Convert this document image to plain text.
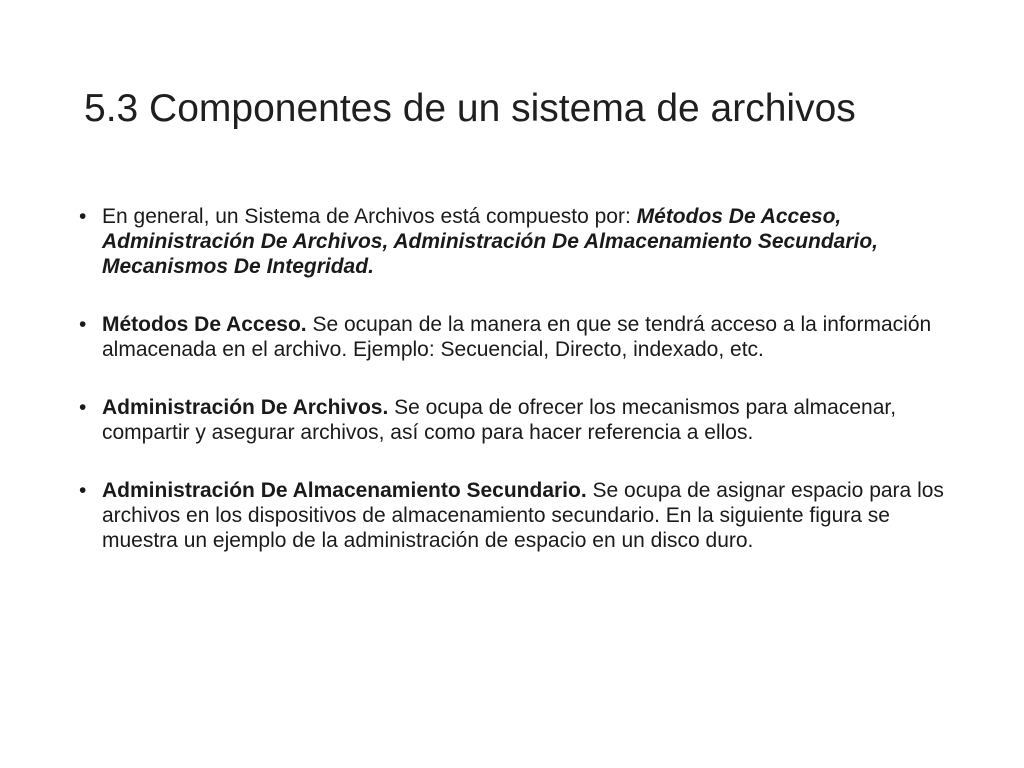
5.3 Componentes de un sistema de archivos
• En general, un Sistema de Archivos está compuesto por: Métodos De Acceso, Administración De Archivos, Administración De Almacenamiento Secundario, Mecanismos De Integridad.
• Métodos De Acceso. Se ocupan de la manera en que se tendrá acceso a la información almacenada en el archivo. Ejemplo: Secuencial, Directo, indexado, etc.
• Administración De Archivos. Se ocupa de ofrecer los mecanismos para almacenar, compartir y asegurar archivos, así como para hacer referencia a ellos.
• Administración De Almacenamiento Secundario. Se ocupa de asignar espacio para los archivos en los dispositivos de almacenamiento secundario. En la siguiente figura se muestra un ejemplo de la administración de espacio en un disco duro.
